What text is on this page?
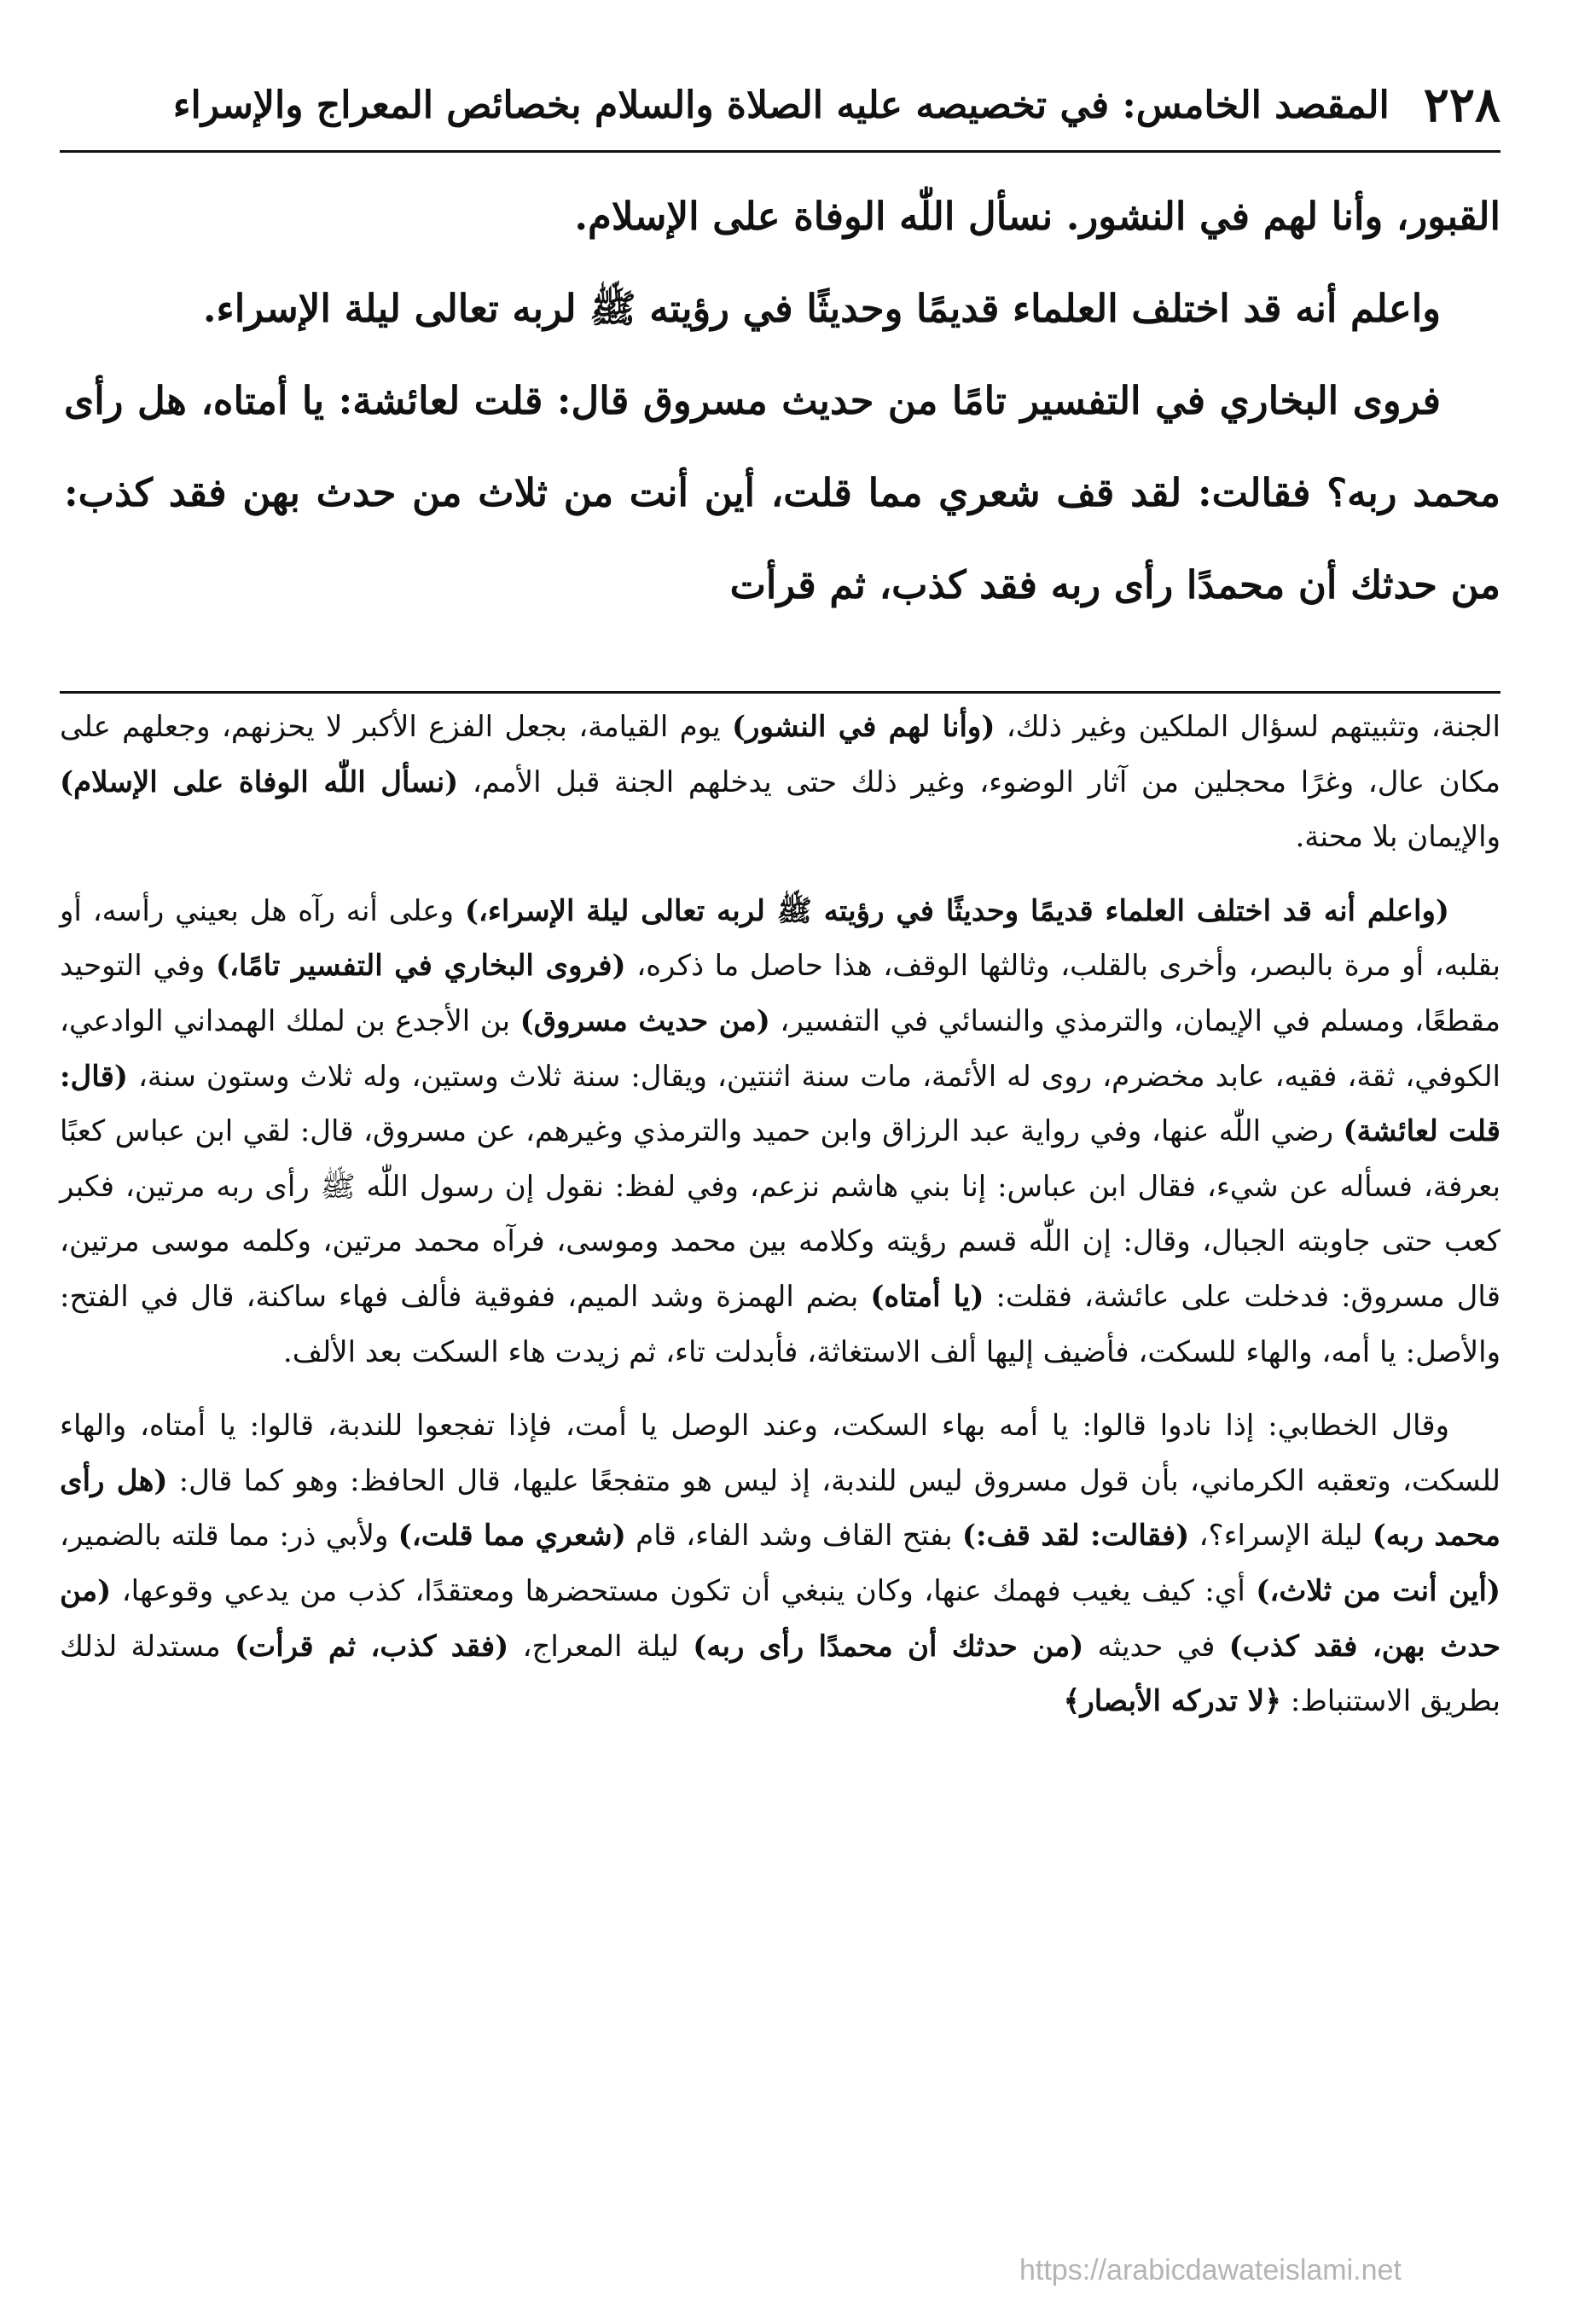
٢٢٨
المقصد الخامس: في تخصيصه عليه الصلاة والسلام بخصائص المعراج والإسراء

القبور، وأنا لهم في النشور. نسأل اللّٰه الوفاة على الإسلام.

واعلم أنه قد اختلف العلماء قديمًا وحديثًا في رؤيته ﷺ لربه تعالى ليلة الإسراء.

فروى البخاري في التفسير تامًا من حديث مسروق قال: قلت لعائشة: يا أمتاه، هل رأى محمد ربه؟ فقالت: لقد قف شعري مما قلت، أين أنت من ثلاث من حدث بهن فقد كذب: من حدثك أن محمدًا رأى ربه فقد كذب، ثم قرأت

الجنة، وتثبيتهم لسؤال الملكين وغير ذلك، (وأنا لهم في النشور) يوم القيامة، بجعل الفزع الأكبر لا يحزنهم، وجعلهم على مكان عال، وغرًا محجلين من آثار الوضوء، وغير ذلك حتى يدخلهم الجنة قبل الأمم، (نسأل اللّٰه الوفاة على الإسلام) والإيمان بلا محنة.

(واعلم أنه قد اختلف العلماء قديمًا وحديثًا في رؤيته ﷺ لربه تعالى ليلة الإسراء،) وعلى أنه رآه هل بعيني رأسه، أو بقلبه، أو مرة بالبصر، وأخرى بالقلب، وثالثها الوقف، هذا حاصل ما ذكره، (فروى البخاري في التفسير تامًا،) وفي التوحيد مقطعًا، ومسلم في الإيمان، والترمذي والنسائي في التفسير، (من حديث مسروق) بن الأجدع بن لملك الهمداني الوادعي، الكوفي، ثقة، فقيه، عابد مخضرم، روى له الأئمة، مات سنة اثنتين، ويقال: سنة ثلاث وستين، وله ثلاث وستون سنة، (قال: قلت لعائشة) رضي اللّٰه عنها، وفي رواية عبد الرزاق وابن حميد والترمذي وغيرهم، عن مسروق، قال: لقي ابن عباس كعبًا بعرفة، فسأله عن شيء، فقال ابن عباس: إنا بني هاشم نزعم، وفي لفظ: نقول إن رسول اللّٰه ﷺ رأى ربه مرتين، فكبر كعب حتى جاوبته الجبال، وقال: إن اللّٰه قسم رؤيته وكلامه بين محمد وموسى، فرآه محمد مرتين، وكلمه موسى مرتين، قال مسروق: فدخلت على عائشة، فقلت: (يا أمتاه) بضم الهمزة وشد الميم، ففوقية فألف فهاء ساكنة، قال في الفتح: والأصل: يا أمه، والهاء للسكت، فأضيف إليها ألف الاستغاثة، فأبدلت تاء، ثم زيدت هاء السكت بعد الألف.

وقال الخطابي: إذا نادوا قالوا: يا أمه بهاء السكت، وعند الوصل يا أمت، فإذا تفجعوا للندبة، قالوا: يا أمتاه، والهاء للسكت، وتعقبه الكرماني، بأن قول مسروق ليس للندبة، إذ ليس هو متفجعًا عليها، قال الحافظ: وهو كما قال: (هل رأى محمد ربه) ليلة الإسراء؟، (فقالت: لقد قف:) بفتح القاف وشد الفاء، قام (شعري مما قلت،) ولأبي ذر: مما قلته بالضمير، (أين أنت من ثلاث،) أي: كيف يغيب فهمك عنها، وكان ينبغي أن تكون مستحضرها ومعتقدًا، كذب من يدعي وقوعها، (من حدث بهن، فقد كذب) في حديثه (من حدثك أن محمدًا رأى ربه) ليلة المعراج، (فقد كذب، ثم قرأت) مستدلة لذلك بطريق الاستنباط: ﴿لا تدركه الأبصار﴾

https://arabicdawateislami.net
